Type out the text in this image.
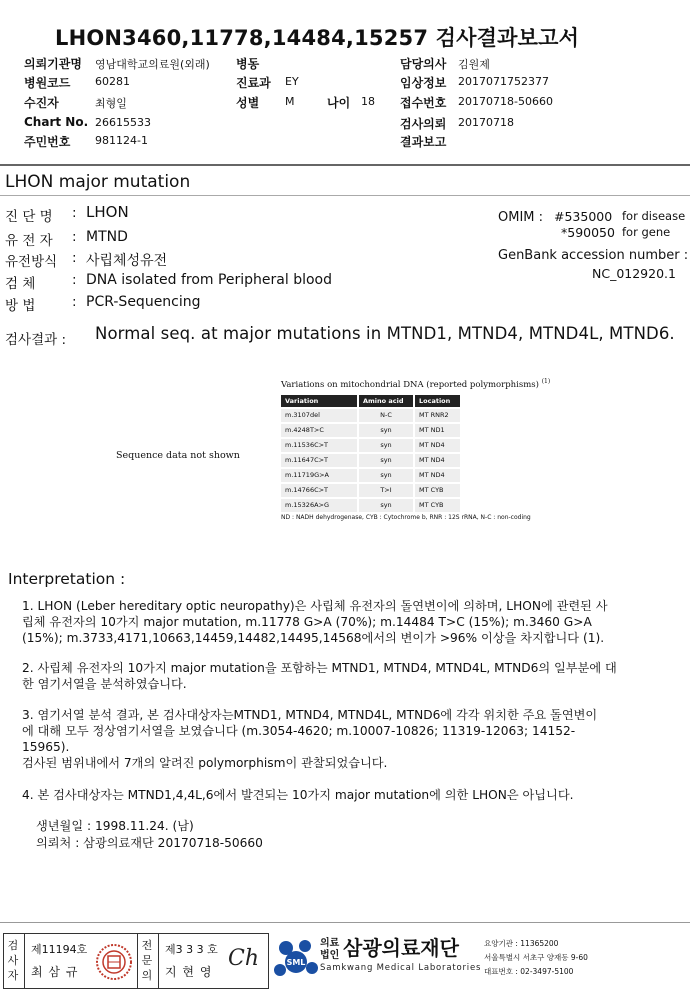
LHON3460,11778,14484,15257 검사결과보고서
의뢰기관명 영남대학교의료원(외래)
병원코드 60281
수진자	최형일
Chart No. 26615533
주민번호 981124-1
병동
진료과 EY
성별 M	나이 18
담당의사 김원제
임상정보 201707175237​7
접수번호 20170718-50660
검사의뢰 20170718
결과보고
LHON major mutation
진 단 명 : LHON
유 전 자 : MTND
유전방식 : 사립체성유전
검 체	: DNA isolated from Peripheral blood
방 법	: PCR-Sequencing
OMIM : #535000 for disease
*590050 for gene
GenBank accession number :
NC_012920.1
검사결과 : Normal seq. at major mutations in MTND1, MTND4, MTND4L, MTND6.
Sequence data not shown
Variations on mitochondrial DNA (reported polymorphisms) $^{(1)}$
Variation	Amino acid	Location
m.3107del	N-C	MT RNR2
m.4248T>C	syn	MT ND1
m.11536C>T	syn	MT ND4
m.11647C>T	syn	MT ND4
m.11719G>A	syn	MT ND4
m.14766C>T	T>I	MT CYB
m.15326A>G	syn	MT CYB
ND : NADH dehydrogenase, CYB : Cytochrome b, RNR : 12S rRNA, N-C : non-coding
Interpretation :
1. LHON (Leber hereditary optic neuropathy)은 사립체 유전자의 돌연변이에 의하며, LHON에 관련된 사
립체 유전자의 10가지 major mutation, m.11778 G>A (70%); m.14484 T>C (15%); m.3460 G>A
(15%); m.3733,4171,10663,14459,14482,14495,14568에서의 변이가 >96% 이상을 차지합니다 (1).
2. 사립체 유전자의 10가지 major mutation을 포함하는 MTND1, MTND4, MTND4L, MTND6의 일부분에 대
한 염기서열을 분석하였습니다.
3. 염기서열 분석 결과, 본 검사대상자는MTND1, MTND4, MTND4L, MTND6에 각각 위치한 주요 돌연변이
에 대해 모두 정상염기서열을 보였습니다 (m.3054-4620; m.10007-10826; 11319-12063; 14152-
15965).
검사된 범위내에서 7개의 알려진 polymorphism이 관찰되었습니다.
4. 본 검사대상자는 MTND1,4,4L,6에서 발견되는 10가지 major mutation에 의한 LHON은 아닙니다.
생년월일 : 1998.11.24. (남)
의뢰처 : 삼광의료재단 20170718-50660
검
사
자
제11194호
최 삼 규
전
문
의
제3 3 3 호
지 현 영
Ch	SML
의료
법인 삼광의료재단
Samkwang Medical Laboratories
요양기관 : 11365200
서울특별시 서초구 양재동 9-60
대표번호 : 02-3497-5100
